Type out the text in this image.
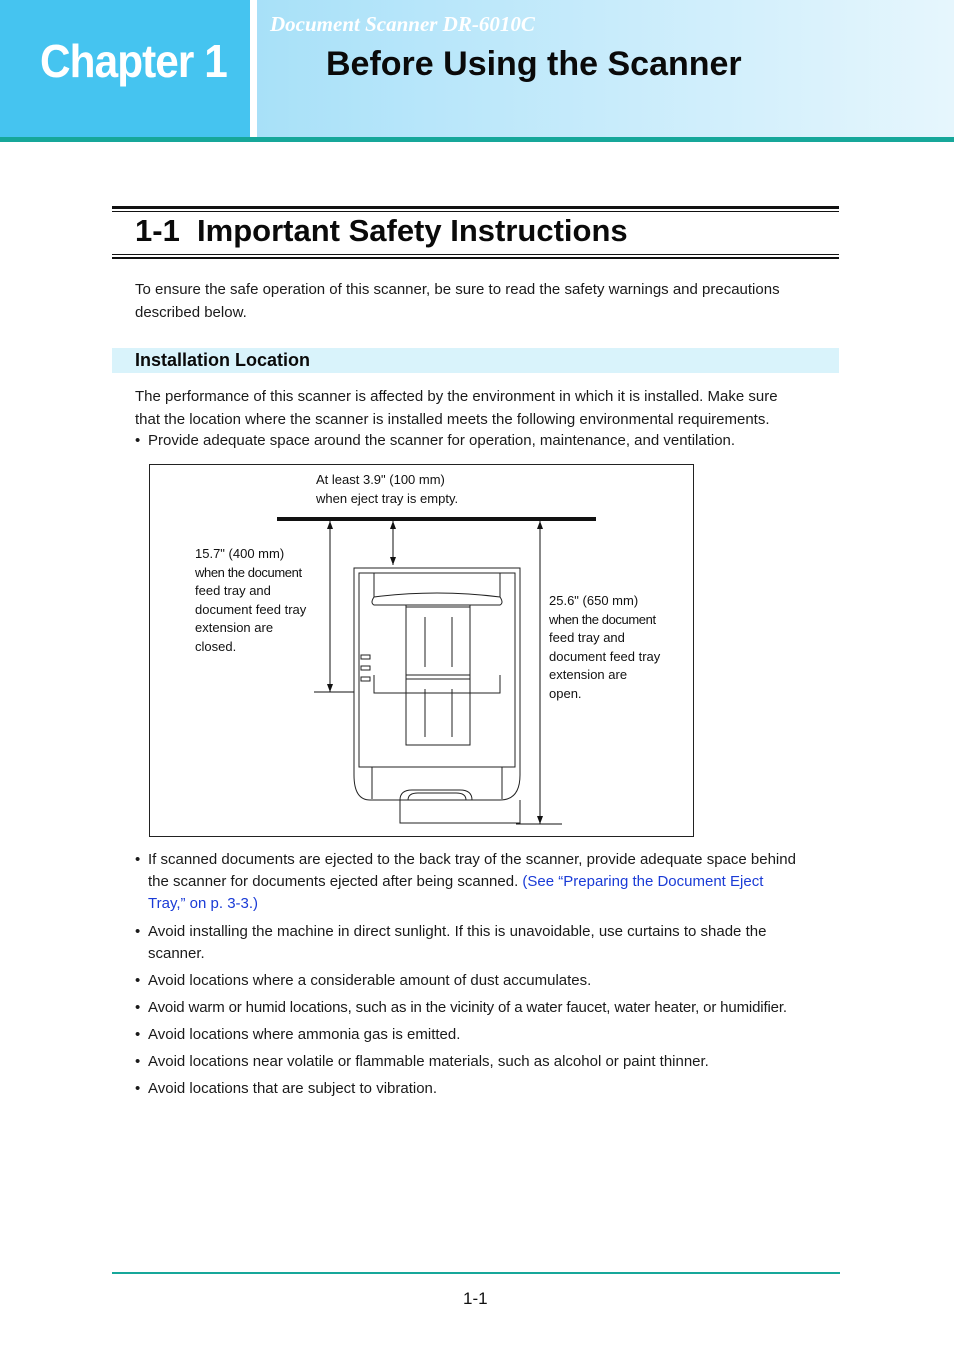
Chapter 1
Document Scanner DR-6010C
Before Using the Scanner
1-1  Important Safety Instructions
To ensure the safe operation of this scanner, be sure to read the safety warnings and precautions
described below.
Installation Location
The performance of this scanner is affected by the environment in which it is installed. Make sure
that the location where the scanner is installed meets the following environmental requirements.
• Provide adequate space around the scanner for operation, maintenance, and ventilation.
At least 3.9" (100 mm)
when eject tray is empty.
15.7" (400 mm)
when the document
feed tray and
document feed tray
extension are
closed.
25.6" (650 mm)
when the document
feed tray and
document feed tray
extension are
open.
• If scanned documents are ejected to the back tray of the scanner, provide adequate space behind
the scanner for documents ejected after being scanned. (See “Preparing the Document Eject
Tray,” on p. 3-3.)
• Avoid installing the machine in direct sunlight. If this is unavoidable, use curtains to shade the
scanner.
• Avoid locations where a considerable amount of dust accumulates.
• Avoid warm or humid locations, such as in the vicinity of a water faucet, water heater, or humidifier.
• Avoid locations where ammonia gas is emitted.
• Avoid locations near volatile or flammable materials, such as alcohol or paint thinner.
• Avoid locations that are subject to vibration.
1-1
